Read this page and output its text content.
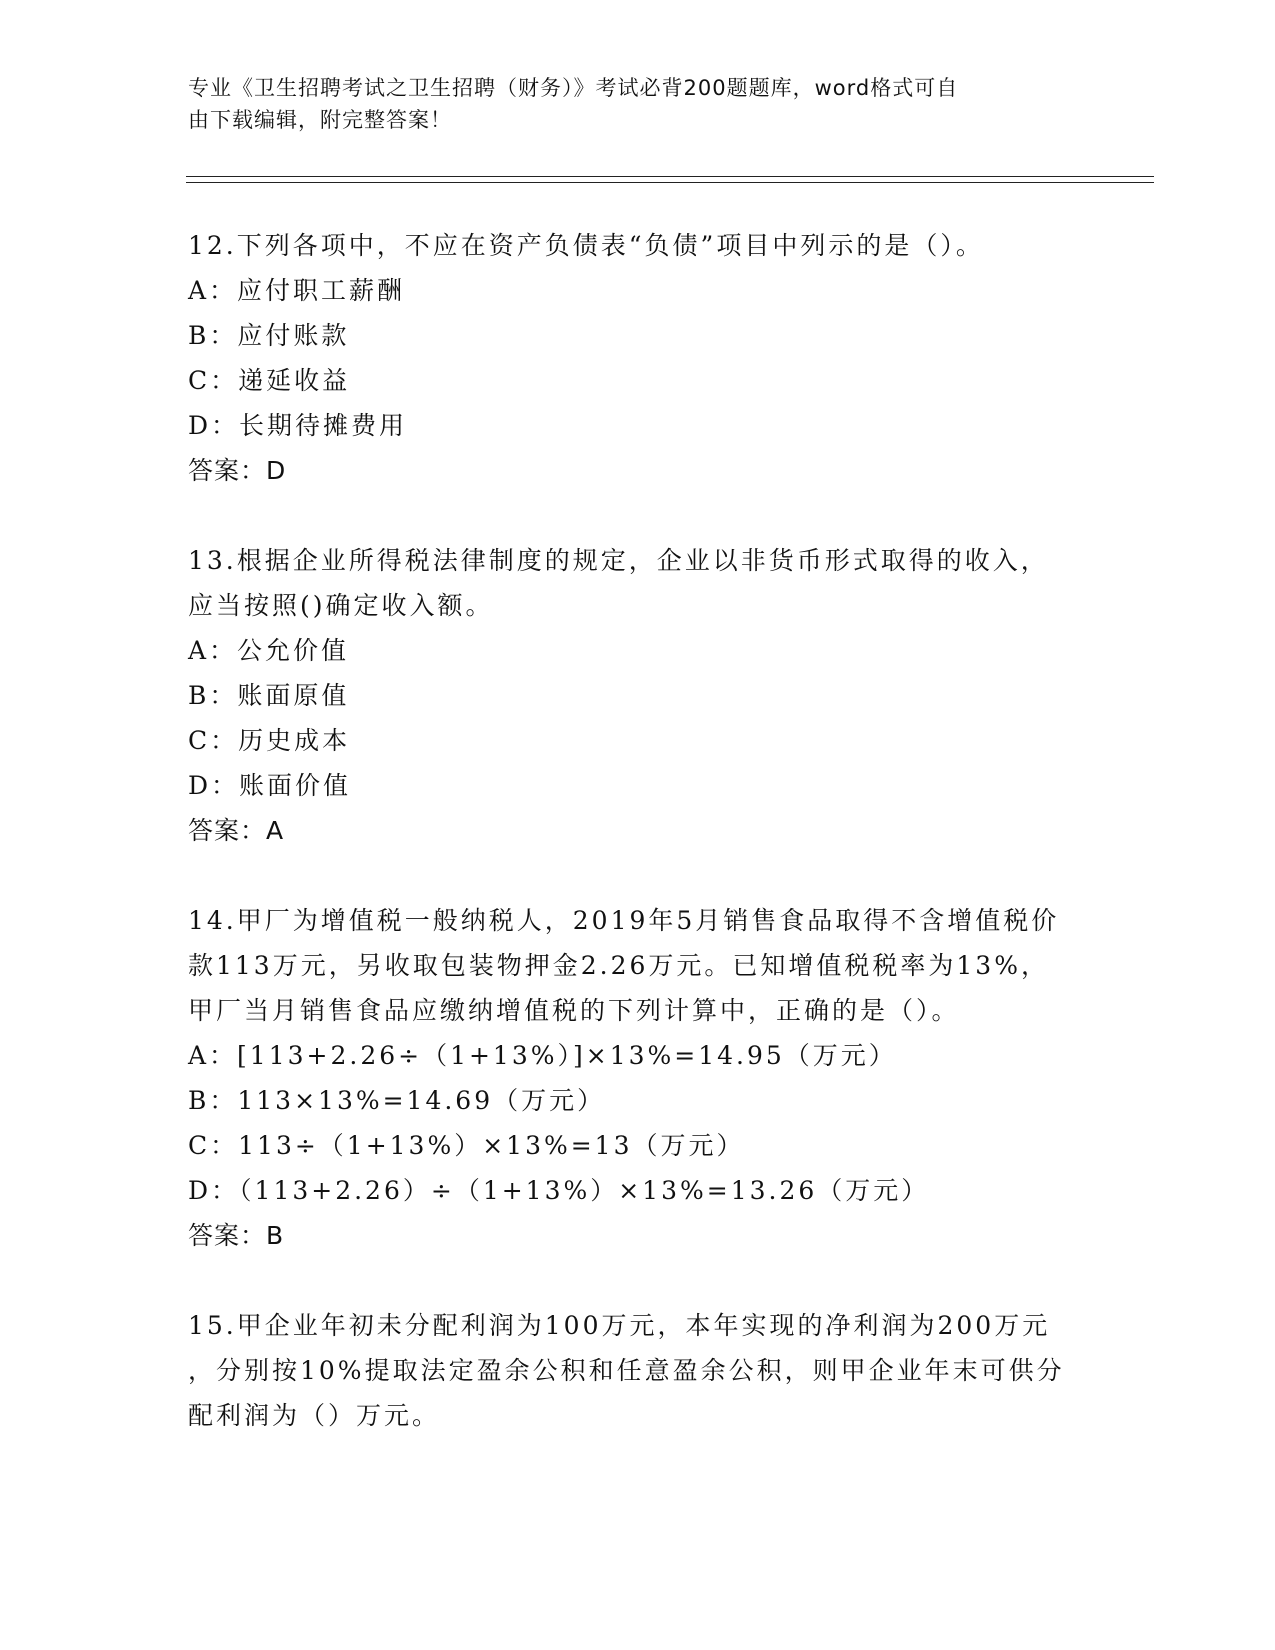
专业《卫生招聘考试之卫生招聘（财务）》考试必背200题题库，word格式可自
由下载编辑，附完整答案！
12.下列各项中，不应在资产负债表“负债”项目中列示的是（）。
A：应付职工薪酬
B：应付账款
C：递延收益
D：长期待摊费用
答案：D
13.根据企业所得税法律制度的规定，企业以非货币形式取得的收入，
应当按照()确定收入额。
A：公允价值
B：账面原值
C：历史成本
D：账面价值
答案：A
14.甲厂为增值税一般纳税人，2019年5月销售食品取得不含增值税价
款113万元，另收取包装物押金2.26万元。已知增值税税率为13%，
甲厂当月销售食品应缴纳增值税的下列计算中，正确的是（）。
A：[113+2.26÷（1+13%）]×13%=14.95（万元）
B：113×13%=14.69（万元）
C：113÷（1+13%）×13%=13（万元）
D：（113+2.26）÷（1+13%）×13%=13.26（万元）
答案：B
15.甲企业年初未分配利润为100万元，本年实现的净利润为200万元
，分别按10%提取法定盈余公积和任意盈余公积，则甲企业年末可供分
配利润为（）万元。
